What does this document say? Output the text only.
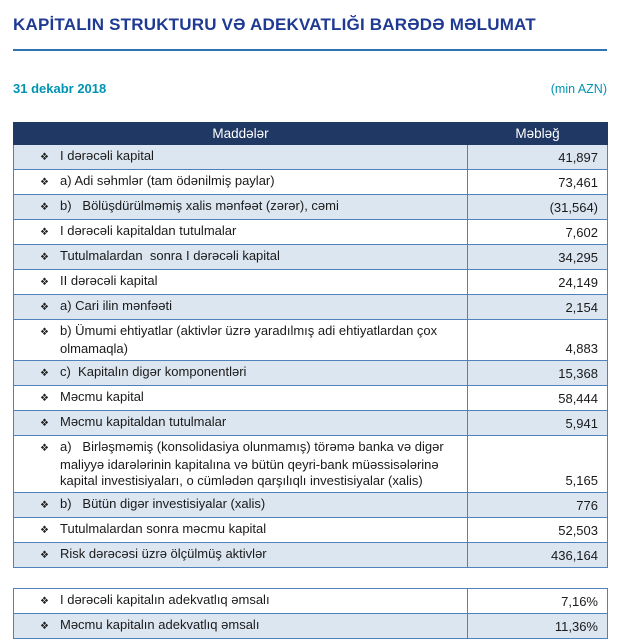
KAPİTALIN STRUKTURU VƏ ADEKVATLIĞI BARƏDƏ MƏLUMAT
31 dekabr 2018	(min AZN)
Maddələr	Məbləğ
❖ I dərəcəli kapital	41,897
❖ a) Adi səhmlər (tam ödənilmiş paylar)	73,461
❖ b)   Bölüşdürülməmiş xalis mənfəət (zərər), cəmi	(31,564)
❖ I dərəcəli kapitaldan tutulmalar	7,602
❖ Tutulmalardan  sonra I dərəcəli kapital	34,295
❖ II dərəcəli kapital	24,149
❖ a) Cari ilin mənfəəti	2,154
❖ b) Ümumi ehtiyatlar (aktivlər üzrə yaradılmış adi ehtiyatlardan çox olmamaqla)	4,883
❖ c)  Kapitalın digər komponentləri	15,368
❖ Məcmu kapital	58,444
❖ Məcmu kapitaldan tutulmalar	5,941
❖ a)   Birləşməmiş (konsolidasiya olunmamış) törəmə banka və digər maliyyə idarələrinin kapitalına və bütün qeyri-bank müəssisələrinə kapital investisiyaları, o cümlədən qarşılıqlı investisiyalar (xalis)	5,165
❖ b)   Bütün digər investisiyalar (xalis)	776
❖ Tutulmalardan sonra məcmu kapital	52,503
❖ Risk dərəcəsi üzrə ölçülmüş aktivlər	436,164
❖ I dərəcəli kapitalın adekvatlıq əmsalı	7,16%
❖ Məcmu kapitalın adekvatlıq əmsalı	11,36%
